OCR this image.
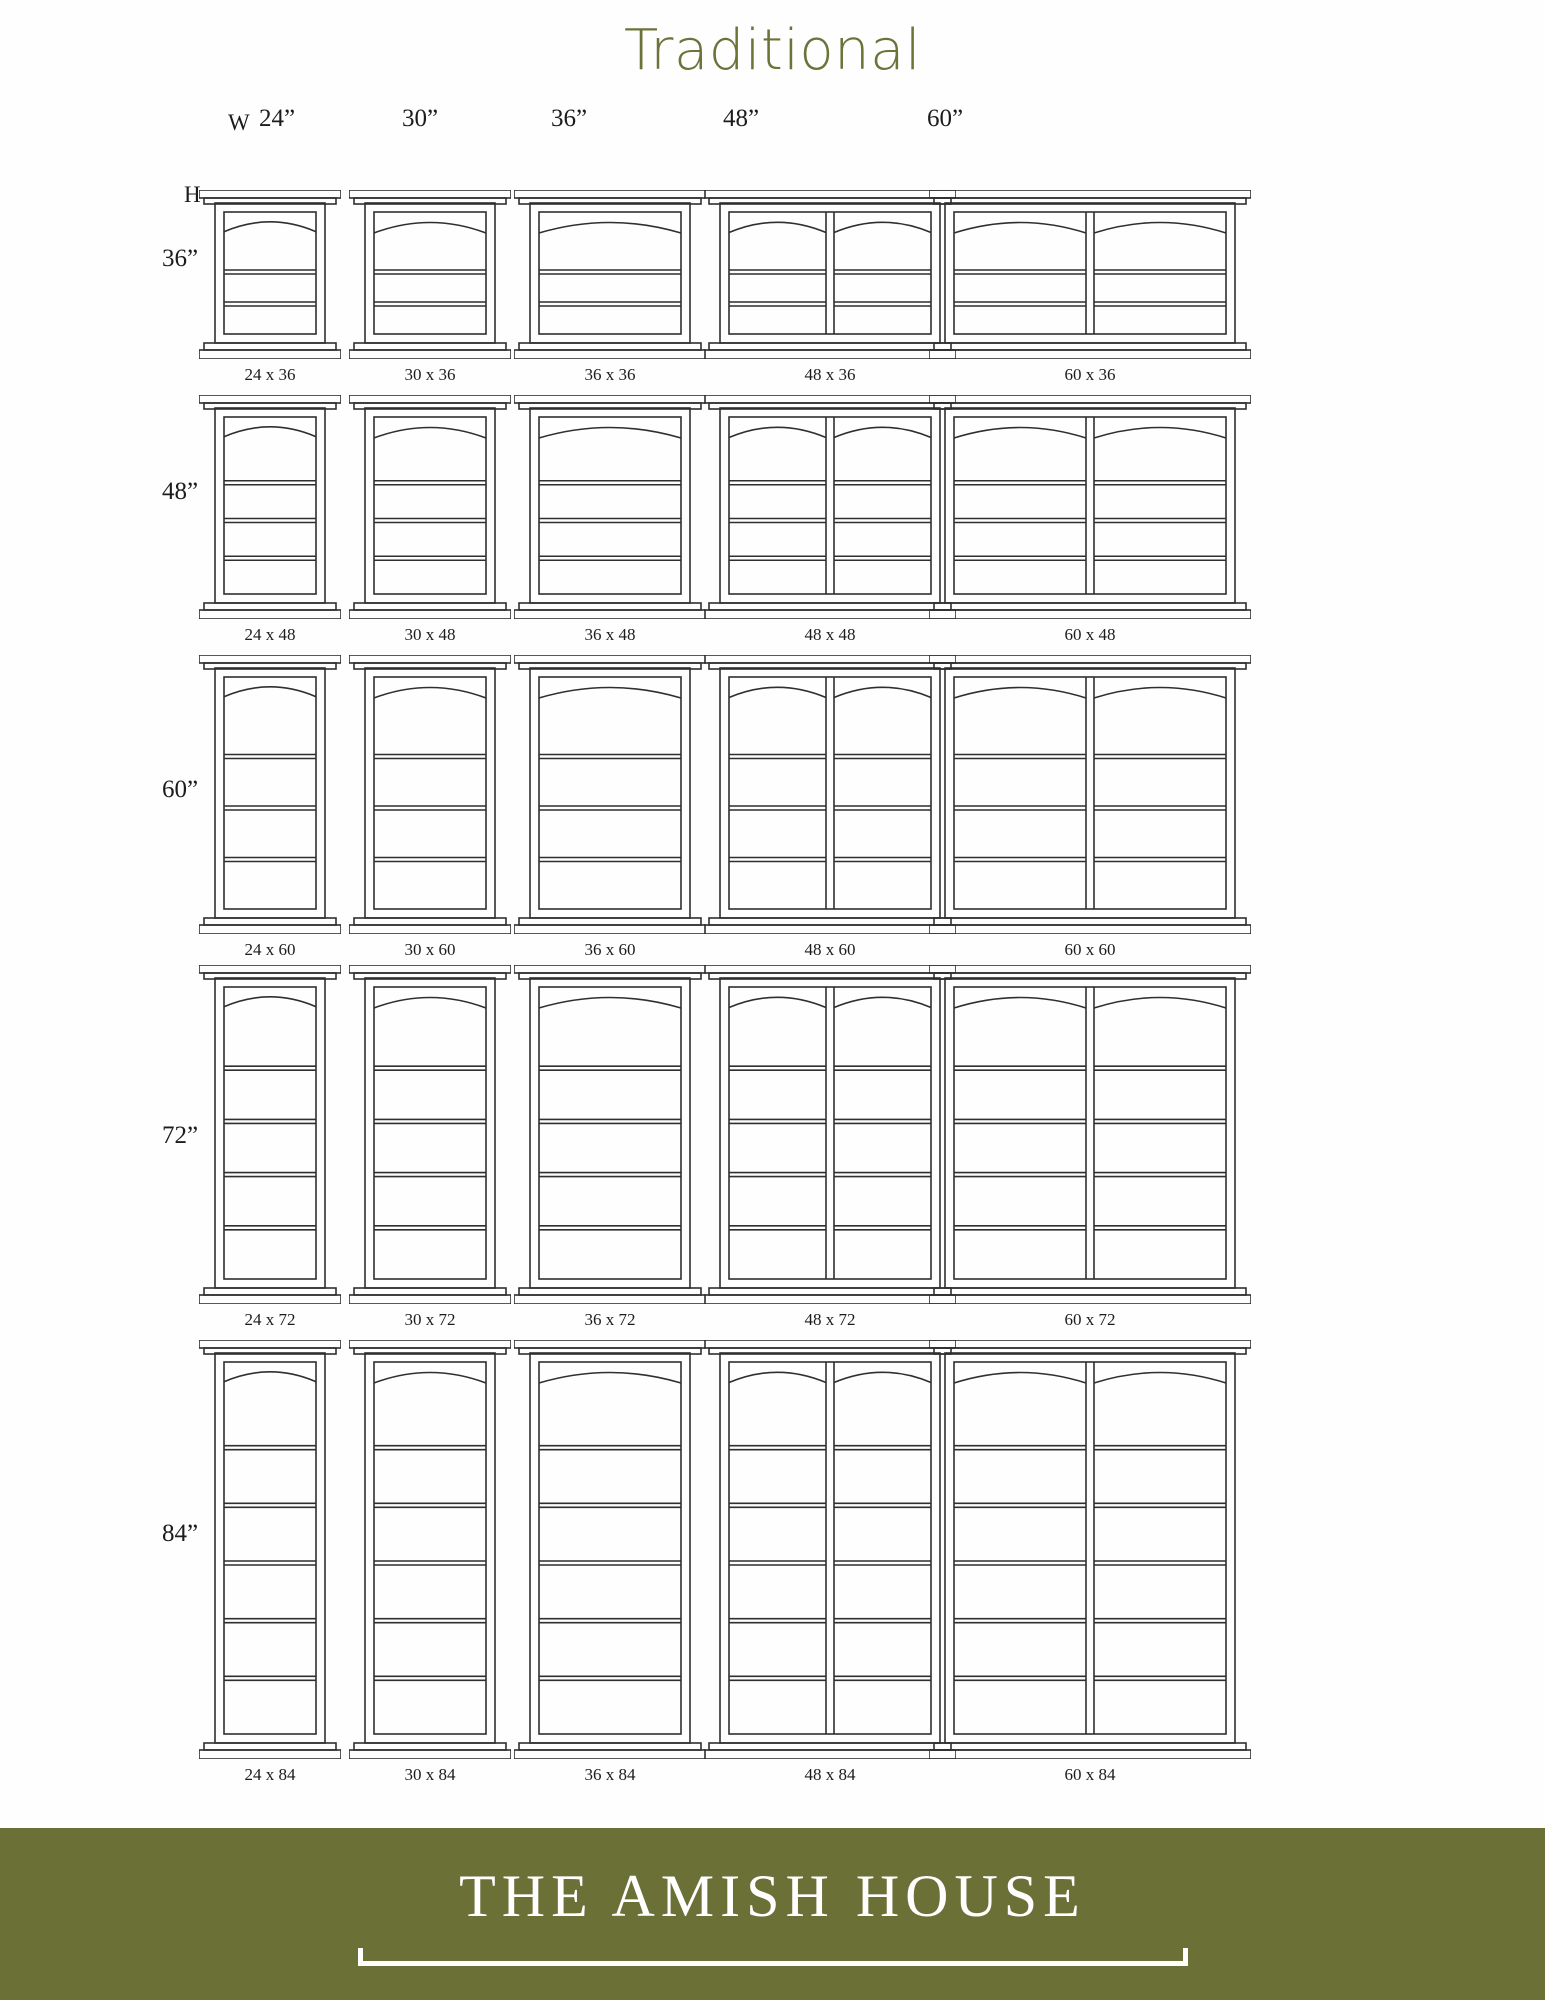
Traditional
W 24”	30”	36”	48”	60”
H
36”
48”
60”
72”
84”
24 x 36	30 x 36	36 x 36	48 x 36	60 x 36
24 x 48	30 x 48	36 x 48	48 x 48	60 x 48
24 x 60	30 x 60	36 x 60	48 x 60	60 x 60
24 x 72	30 x 72	36 x 72	48 x 72	60 x 72
24 x 84	30 x 84	36 x 84	48 x 84	60 x 84
THE AMISH HOUSE
